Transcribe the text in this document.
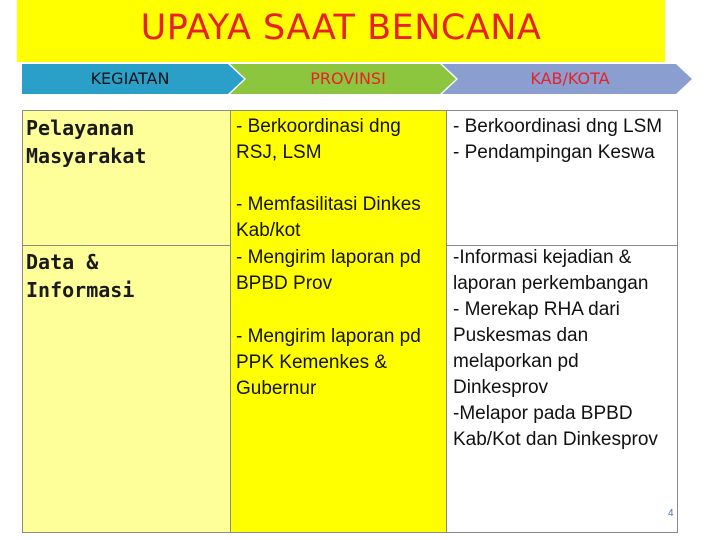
UPAYA SAAT BENCANA
KEGIATAN	PROVINSI	KAB/KOTA
Pelayanan Masyarakat
Data & Informasi
- Berkoordinasi dng RSJ, LSM
- Memfasilitasi Dinkes Kab/kot
- Mengirim laporan pd BPBD Prov
- Mengirim laporan pd PPK Kemenkes & Gubernur
- Berkoordinasi dng LSM
- Pendampingan Keswa
-Informasi kejadian & laporan perkembangan
- Merekap RHA dari Puskesmas dan melaporkan pd Dinkesprov
-Melapor pada BPBD Kab/Kot dan Dinkesprov
4
